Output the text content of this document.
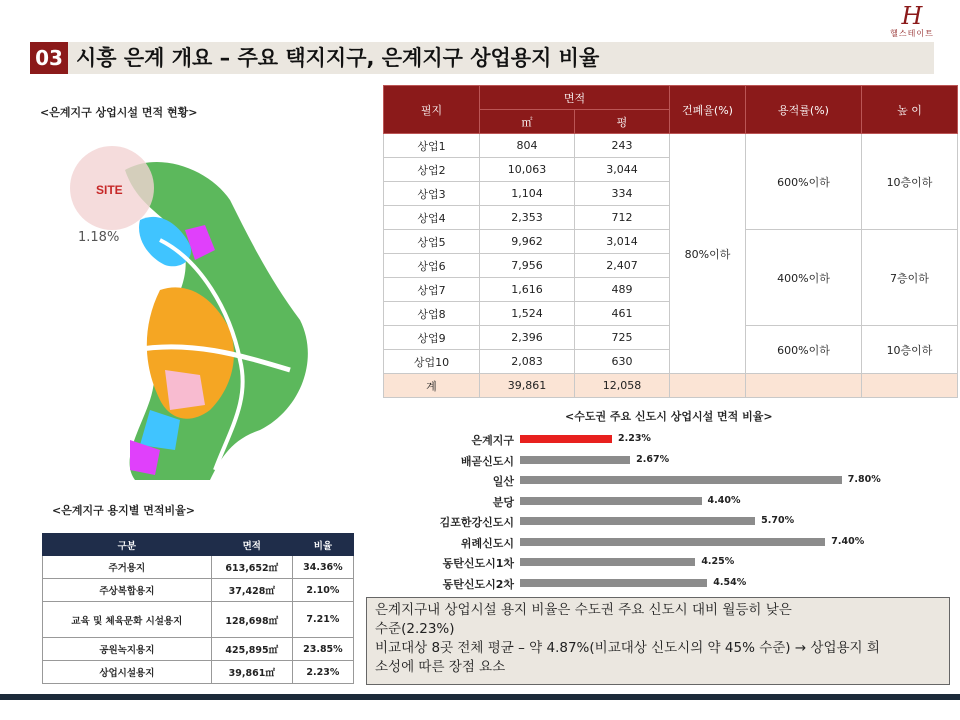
H
헬스테이트
03 시흥 은계 개요 – 주요 택지지구, 은계지구 상업용지 비율
<은계지구 상업시설 면적 현황>
SITE
1.18%
<은계지구 용지별 면적비율>
구분	면적	비율
주거용지	613,652㎡	34.36%
주상복합용지	37,428㎡	2.10%
교육 및 체육문화 시설용지	128,698㎡	7.21%
공원녹지용지	425,895㎡	23.85%
상업시설용지	39,861㎡	2.23%
필지	면적		건폐율(%)	용적률(%)	높 이
	㎡	평			
상업1	804	243	80%이하	600%이하	10층이하
상업2	10,063	3,044			
상업3	1,104	334			
상업4	2,353	712			
상업5	9,962	3,014		400%이하	7층이하
상업6	7,956	2,407			
상업7	1,616	489			
상업8	1,524	461			
상업9	2,396	725		600%이하	10층이하
상업10	2,083	630			
계	39,861	12,058			
<수도권 주요 신도시 상업시설 면적 비율>
은계지구	2.23%
배곧신도시	2.67%
일산	7.80%
분당	4.40%
김포한강신도시	5.70%
위례신도시	7.40%
동탄신도시1차	4.25%
동탄신도시2차	4.54%
은계지구내 상업시설 용지 비율은 수도권 주요 신도시 대비 월등히 낮은
수준(2.23%)
비교대상 8곳 전체 평균 – 약 4.87%(비교대상 신도시의 약 45% 수준) → 상업용지 희
소성에 따른 장점 요소
